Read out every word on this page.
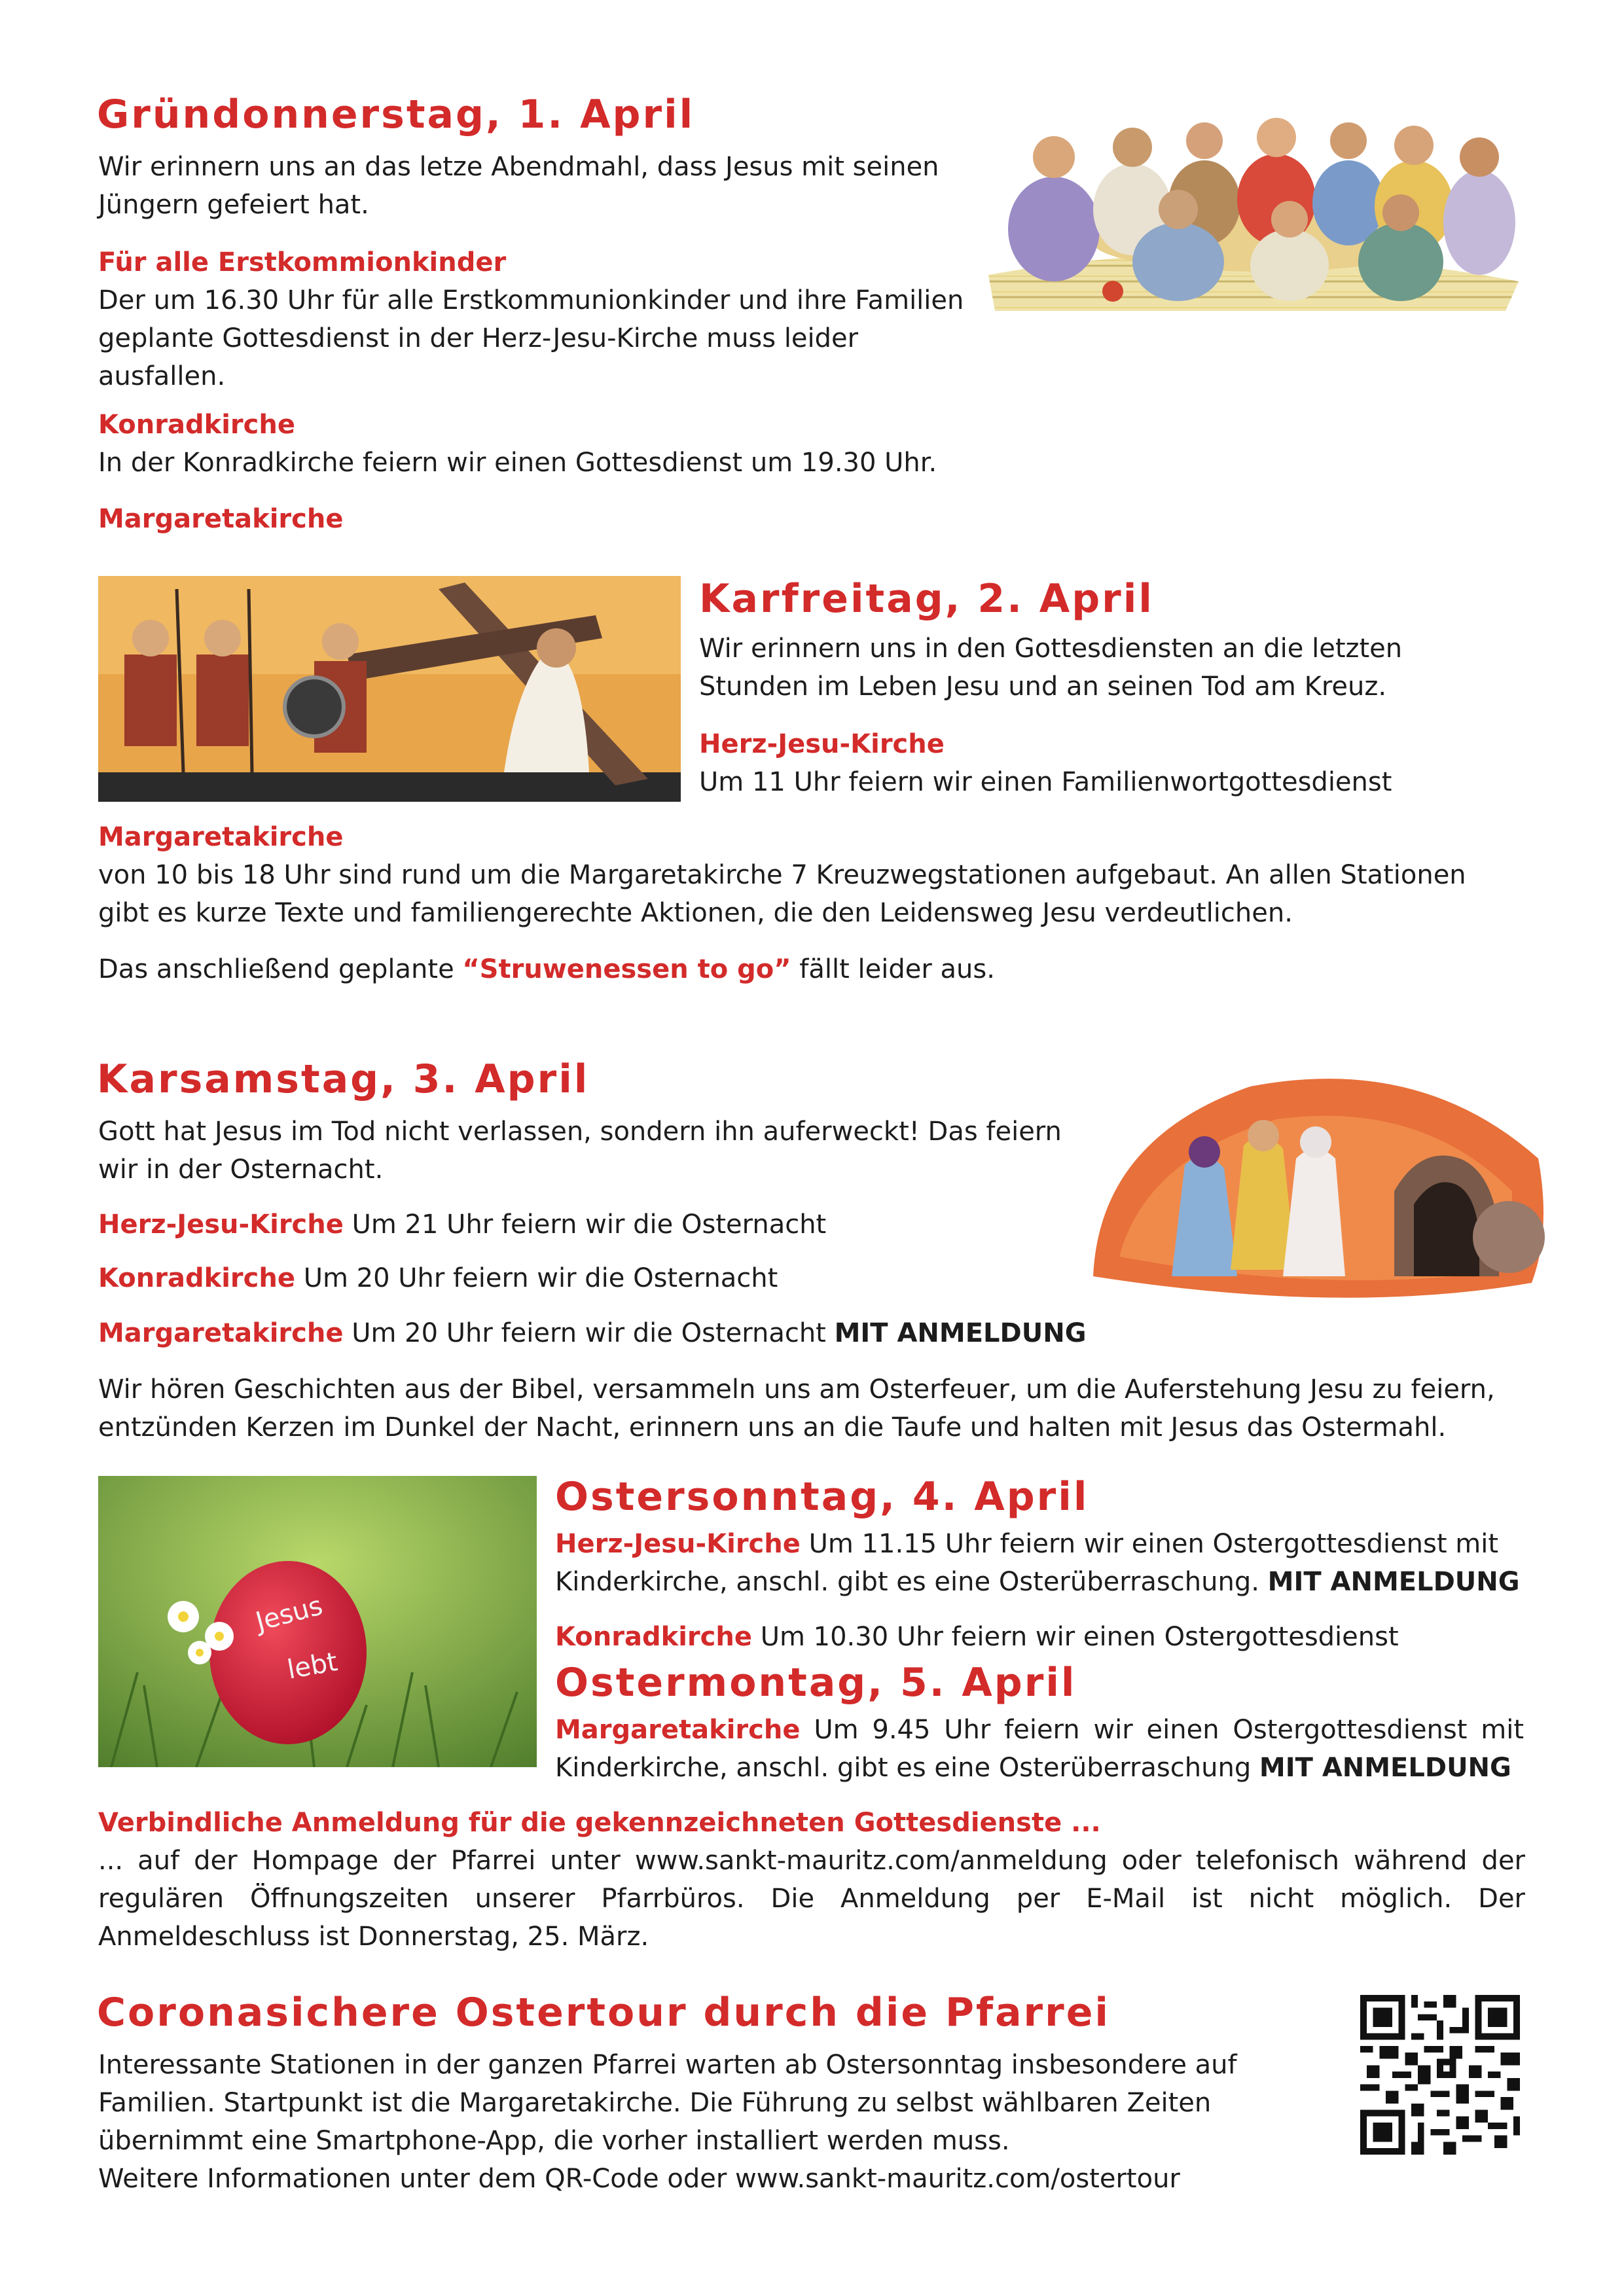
Gründonnerstag, 1. April

Wir erinnern uns an das letze Abendmahl, dass Jesus mit seinen Jüngern gefeiert hat.

Für alle Erstkommionkinder

Der um 16.30 Uhr für alle Erstkommunionkinder und ihre Familien geplante Gottesdienst in der Herz-Jesu-Kirche muss leider ausfallen.

Konradkirche

In der Konradkirche feiern wir einen Gottesdienst um 19.30 Uhr.

Margaretakirche

Karfreitag, 2. April

Wir erinnern uns in den Gottesdiensten an die letzten Stunden im Leben Jesu und an seinen Tod am Kreuz.

Herz-Jesu-Kirche

Um 11 Uhr feiern wir einen Familienwortgottesdienst

Margaretakirche

von 10 bis 18 Uhr sind rund um die Margaretakirche 7 Kreuzwegstationen aufgebaut. An allen Stationen gibt es kurze Texte und familiengerechte Aktionen, die den Leidensweg Jesu verdeutlichen.

Das anschließend geplante “Struwenessen to go” fällt leider aus.

Karsamstag, 3. April

Gott hat Jesus im Tod nicht verlassen, sondern ihn auferweckt! Das feiern wir in der Osternacht.

Herz-Jesu-Kirche Um 21 Uhr feiern wir die Osternacht

Konradkirche Um 20 Uhr feiern wir die Osternacht

Margaretakirche Um 20 Uhr feiern wir die Osternacht MIT ANMELDUNG

Wir hören Geschichten aus der Bibel, versammeln uns am Osterfeuer, um die Auferstehung Jesu zu feiern, entzünden Kerzen im Dunkel der Nacht, erinnern uns an die Taufe und halten mit Jesus das Ostermahl.

Jesus
lebt
Ostersonntag, 4. April

Herz-Jesu-Kirche Um 11.15 Uhr feiern wir einen Ostergottesdienst mit Kinderkirche, anschl. gibt es eine Osterüberraschung. MIT ANMELDUNG

Konradkirche Um 10.30 Uhr feiern wir einen Ostergottesdienst

Ostermontag, 5. April

Margaretakirche Um 9.45 Uhr feiern wir einen Ostergottesdienst mit Kinderkirche, anschl. gibt es eine Osterüberraschung MIT ANMELDUNG

Verbindliche Anmeldung für die gekennzeichneten Gottesdienste ...

... auf der Hompage der Pfarrei unter www.sankt-mauritz.com/anmeldung oder telefonisch während der regulären Öffnungszeiten unserer Pfarrbüros. Die Anmeldung per E-Mail ist nicht möglich. Der Anmeldeschluss ist Donnerstag, 25. März.

Coronasichere Ostertour durch die Pfarrei

Interessante Stationen in der ganzen Pfarrei warten ab Ostersonntag insbesondere auf Familien. Startpunkt ist die Margaretakirche. Die Führung zu selbst wählbaren Zeiten übernimmt eine Smartphone-App, die vorher installiert werden muss.

Weitere Informationen unter dem QR-Code oder www.sankt-mauritz.com/ostertour
